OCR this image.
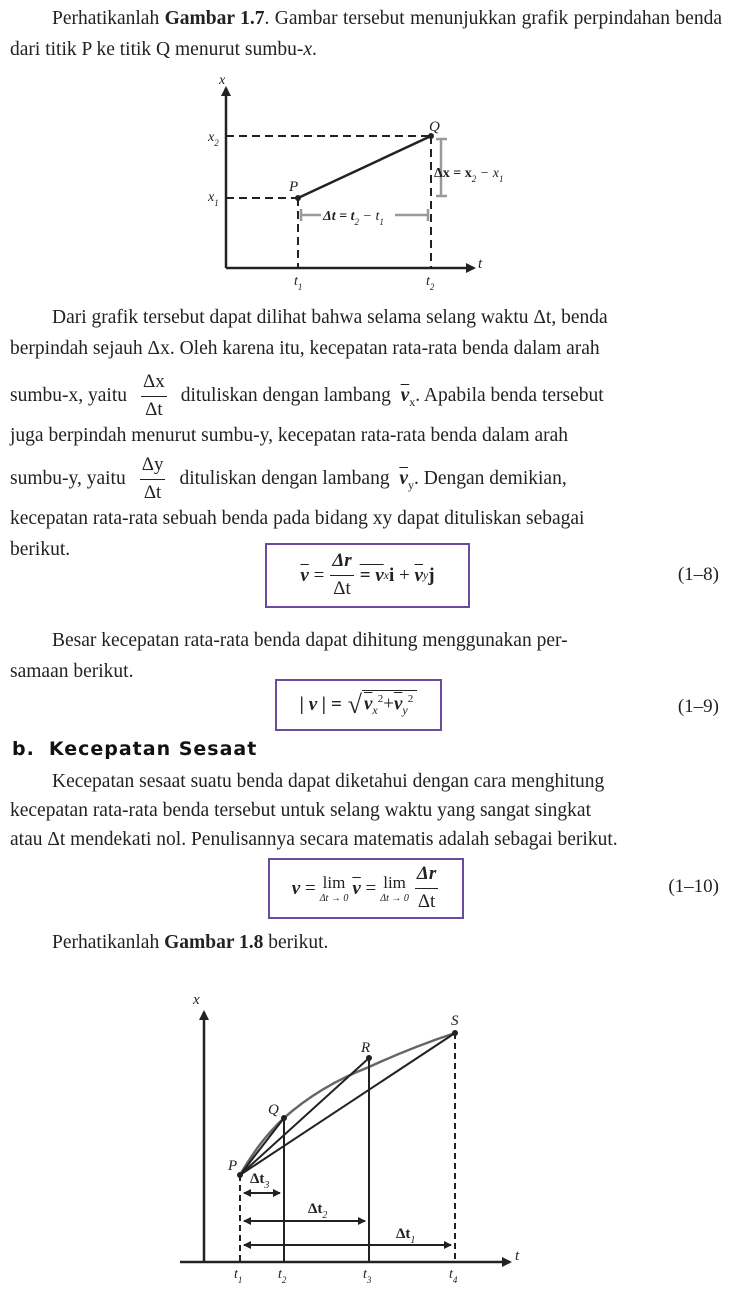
Perhatikanlah Gambar 1.7. Gambar tersebut menunjukkan grafik perpindahan benda dari titik P ke titik Q menurut sumbu-x.
x
t
P
Q
$x_2$
$x_1$
$t_1$	$t_2$
$\Delta x = x_2 - x_1$
$\Delta t = t_2 - t_1$
Dari grafik tersebut dapat dilihat bahwa selama selang waktu Δt, benda
berpindah sejauh Δx. Oleh karena itu, kecepatan rata-rata benda dalam arah
sumbu-x, yaitu $\frac{\Delta x}{\Delta t}$ dituliskan dengan lambang $\overline{v}_x$. Apabila benda tersebut
juga berpindah menurut sumbu-y, kecepatan rata-rata benda dalam arah
sumbu-y, yaitu $\frac{\Delta y}{\Delta t}$ dituliskan dengan lambang $\overline{v}_y$. Dengan demikian,
kecepatan rata-rata sebuah benda pada bidang xy dapat dituliskan sebagai
berikut.
$\overline{v}$
= $\frac{\Delta r}{\Delta t} = v$ x i
+
$\overline{v}$ y j	(1–8)
Besar kecepatan rata-rata benda dapat dihitung menggunakan per-
samaan berikut.
| v | = √ $v_x^2+\overline{v}_y^2$	(1–9)
b. Kecepatan Sesaat
Kecepatan sesaat suatu benda dapat diketahui dengan cara menghitung
kecepatan rata-rata benda tersebut untuk selang waktu yang sangat singkat
atau Δt mendekati nol. Penulisannya secara matematis adalah sebagai berikut.
v
= lim
Δt → 0 $\overline{v}$
= lim
$\Delta t \to 0 \frac{\Delta r}{\Delta t}$	(1–10)
Perhatikanlah Gambar 1.8 berikut.
x
t
P
Q
R
S
$\Delta t_3$
$\Delta t_2$
$\Delta t_1$
$t_1$	$t_2$	$t_3$	$t_4$
